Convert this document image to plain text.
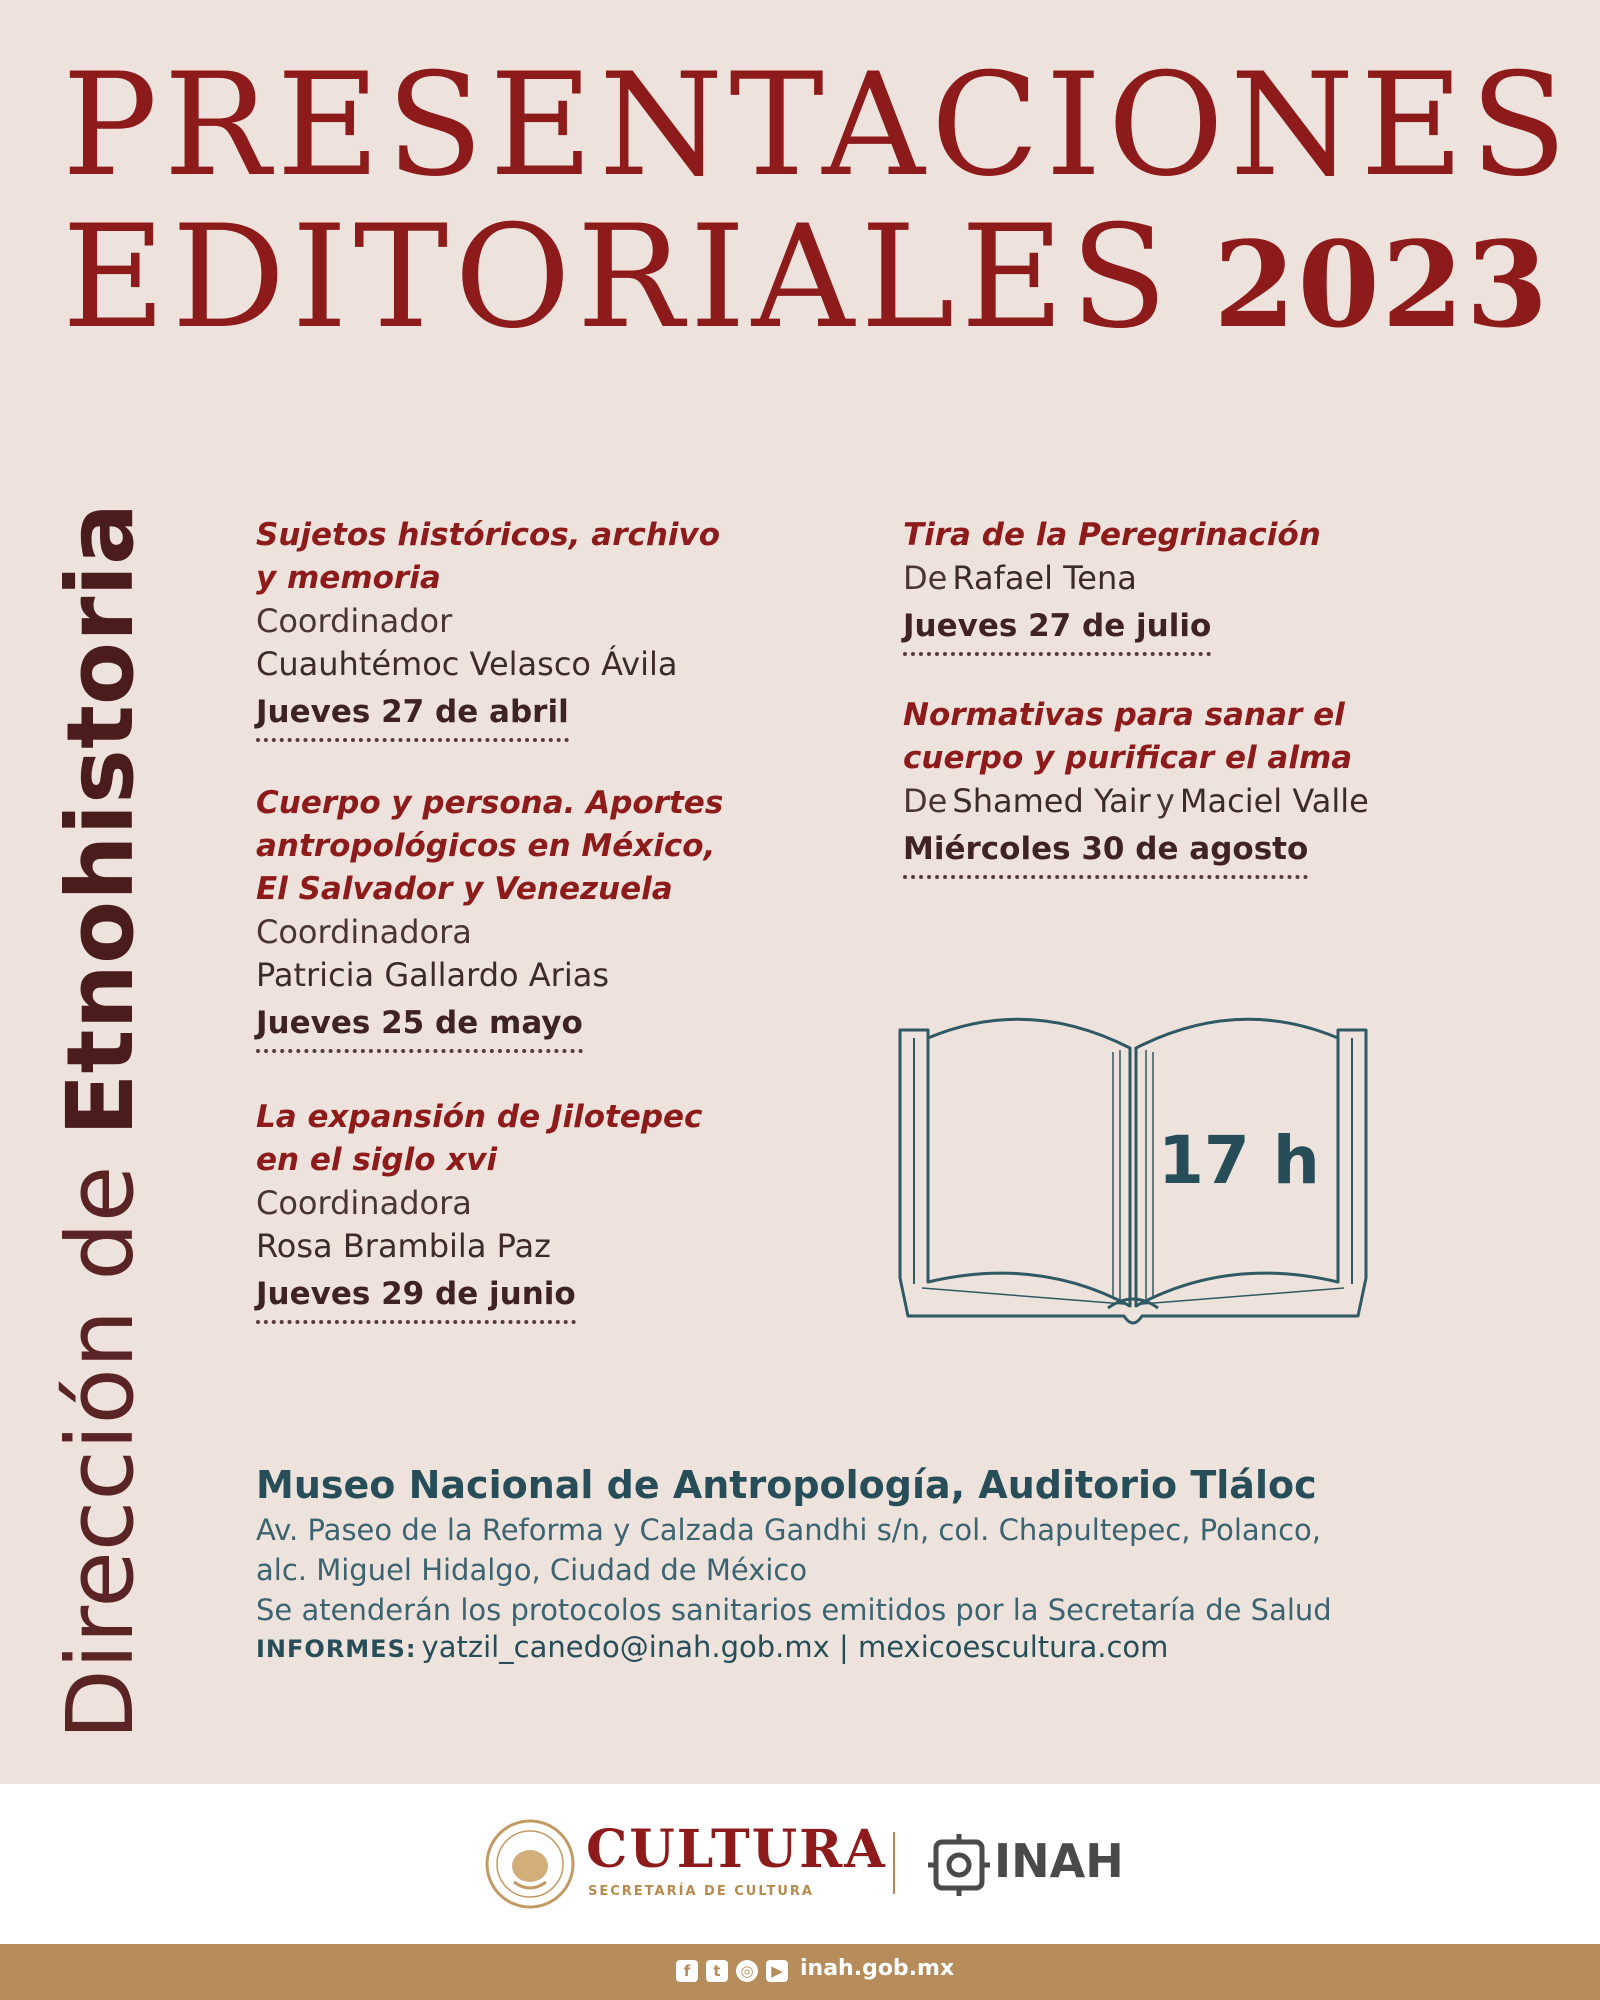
PRESENTACIONES
EDITORIALES 2023
Dirección de Etnohistoria	Sujetos históricos, archivo
y memoria
Coordinador
Cuauhtémoc Velasco Ávila
Jueves 27 de abril
Cuerpo y persona. Aportes
antropológicos en México,
El Salvador y Venezuela
Coordinadora
Patricia Gallardo Arias
Jueves 25 de mayo
La expansión de Jilotepec
en el siglo xvi
Coordinadora
Rosa Brambila Paz
Jueves 29 de junio
Tira de la Peregrinación
De Rafael Tena
Jueves 27 de julio
Normativas para sanar el
cuerpo y purificar el alma
De Shamed Yair y Maciel Valle
Miércoles 30 de agosto
17 h
Museo Nacional de Antropología, Auditorio Tláloc
Av. Paseo de la Reforma y Calzada Gandhi s/n, col. Chapultepec, Polanco,
alc. Miguel Hidalgo, Ciudad de México
Se atenderán los protocolos sanitarios emitidos por la Secretaría de Salud
INFORMES: yatzil_canedo@inah.gob.mx | mexicoescultura.com
CULTURA
SECRETARÍA DE CULTURA
INAH
f	t	◎	▶ inah.gob.mx
